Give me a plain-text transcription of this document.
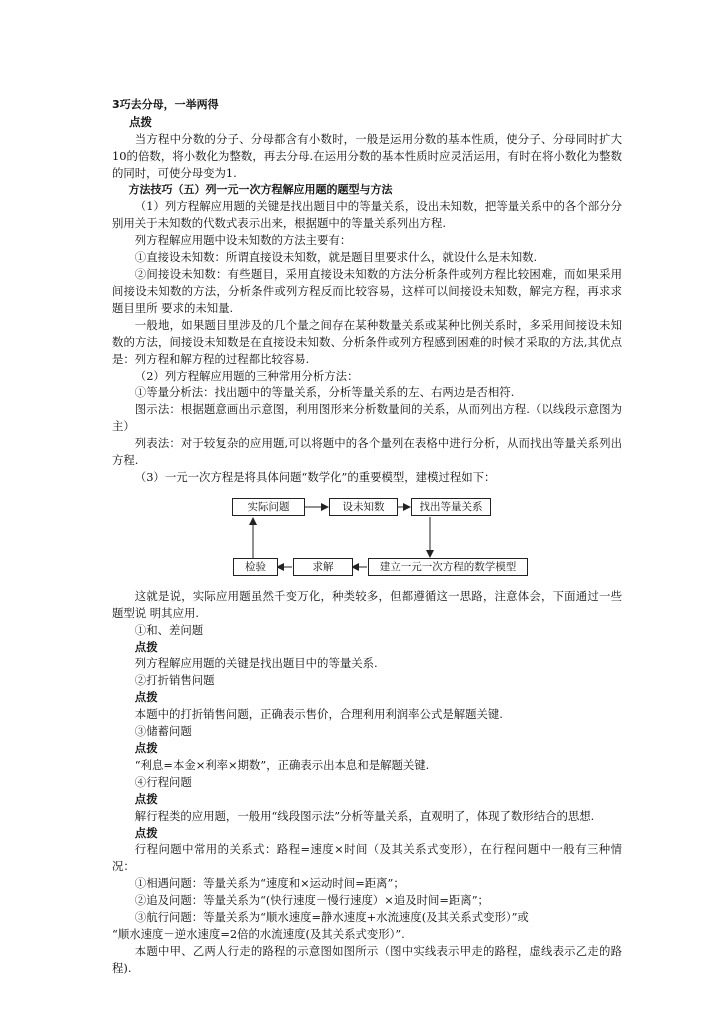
3巧去分母，一举两得

点拨

当方程中分数的分子、分母都含有小数时，一般是运用分数的基本性质，使分子、分母同时扩大10的倍数，将小数化为整数，再去分母.在运用分数的基本性质时应灵活运用，有时在将小数化为整数的同时，可使分母变为1.

方法技巧（五）列一元一次方程解应用题的题型与方法

（1）列方程解应用题的关键是找出题目中的等量关系，设出未知数，把等量关系中的各个部分分别用关于未知数的代数式表示出来，根据题中的等量关系列出方程.

列方程解应用题中设未知数的方法主要有：

①直接设未知数：所谓直接设未知数，就是题目里要求什么，就设什么是未知数.

②间接设未知数：有些题目，采用直接设未知数的方法分析条件或列方程比较困难，而如果采用间接设未知数的方法，分析条件或列方程反而比较容易，这样可以间接设未知数，解完方程，再求求题目里所 要求的未知量.

一般地，如果题目里涉及的几个量之间存在某种数量关系或某种比例关系时，多采用间接设未知数的方法，间接设未知数是在直接设未知数、分析条件或列方程感到困难的时候才采取的方法,其优点是：列方程和解方程的过程都比较容易.

（2）列方程解应用题的三种常用分析方法：

①等量分析法：找出题中的等量关系，分析等量关系的左、右两边是否相符.

图示法：根据题意画出示意图，利用图形来分析数量间的关系，从而列出方程.（以线段示意图为主）

列表法：对于较复杂的应用题,可以将题中的各个量列在表格中进行分析，从而找出等量关系列出方程.

（3）一元一次方程是将具体问题“数学化”的重要模型，建模过程如下：

实际问题	设未知数	找出等量关系
建立一元一次方程的数学模型
求解
检验

这就是说，实际应用题虽然千变万化，种类较多，但都遵循这一思路，注意体会，下面通过一些题型说 明其应用.

①和、差问题

点拨

列方程解应用题的关键是找出题目中的等量关系.

②打折销售问题

点拨

本题中的打折销售问题，正确表示售价，合理利用利润率公式是解题关键.

③储蓄问题

点拨

“利息=本金×利率×期数”，正确表示出本息和是解题关键.

④行程问题

点拨

解行程类的应用题，一般用“线段图示法”分析等量关系，直观明了，体现了数形结合的思想.

点拨

行程问题中常用的关系式：路程=速度×时间（及其关系式变形），在行程问题中一般有三种情况：

①相遇问题：等量关系为“速度和×运动时间=距离”；

②追及问题：等量关系为“(快行速度－慢行速度）×追及时间=距离”；

③航行问题：等量关系为“顺水速度=静水速度+水流速度(及其关系式变形）”或

“顺水速度－逆水速度=2倍的水流速度(及其关系式变形）”.

本题中甲、乙两人行走的路程的示意图如图所示（图中实线表示甲走的路程，虚线表示乙走的路程).
